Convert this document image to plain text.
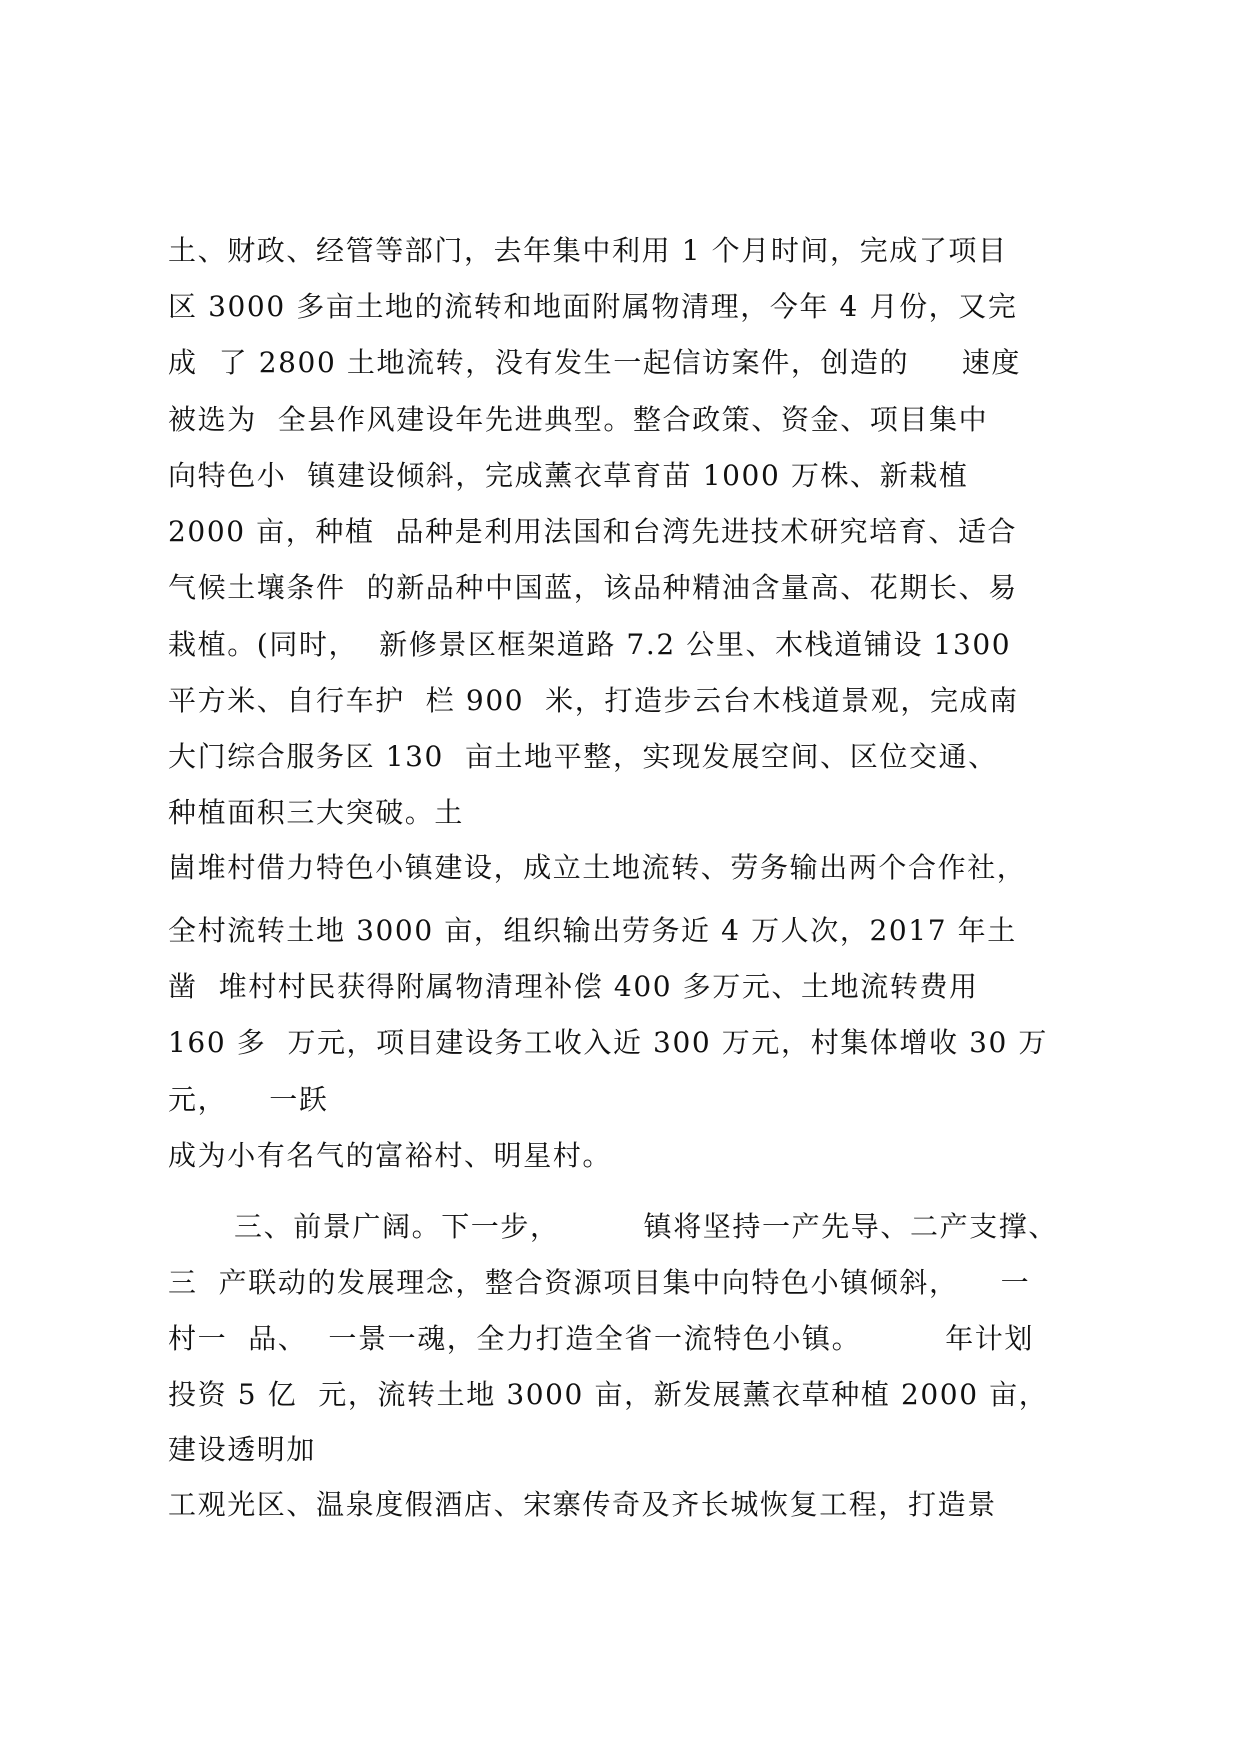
土、财政、经管等部门，去年集中利用 1 个月时间，完成了项目
区 3000 多亩土地的流转和地面附属物清理，今年 4 月份，又完
成  了 2800 土地流转，没有发生一起信访案件，创造的     速度
被选为  全县作风建设年先进典型。整合政策、资金、项目集中
向特色小  镇建设倾斜，完成薰衣草育苗 1000 万株、新栽植
2000 亩，种植  品种是利用法国和台湾先进技术研究培育、适合
气候土壤条件  的新品种中国蓝，该品种精油含量高、花期长、易
栽植。(同时，  新修景区框架道路 7.2 公里、木栈道铺设 1300
平方米、自行车护  栏 900  米，打造步云台木栈道景观，完成南
大门综合服务区 130  亩土地平整，实现发展空间、区位交通、
种植面积三大突破。土
崮堆村借力特色小镇建设，成立土地流转、劳务输出两个合作社，
全村流转土地 3000 亩，组织输出劳务近 4 万人次，2017 年土
凿  堆村村民获得附属物清理补偿 400 多万元、土地流转费用
160 多  万元，项目建设务工收入近 300 万元，村集体增收 30 万
元，    一跃
成为小有名气的富裕村、明星村。
三、前景广阔。下一步，        镇将坚持一产先导、二产支撑、
三  产联动的发展理念，整合资源项目集中向特色小镇倾斜，    一
村一  品、  一景一魂，全力打造全省一流特色小镇。        年计划
投资 5 亿  元，流转土地 3000 亩，新发展薰衣草种植 2000 亩，
建设透明加
工观光区、温泉度假酒店、宋寨传奇及齐长城恢复工程，打造景
